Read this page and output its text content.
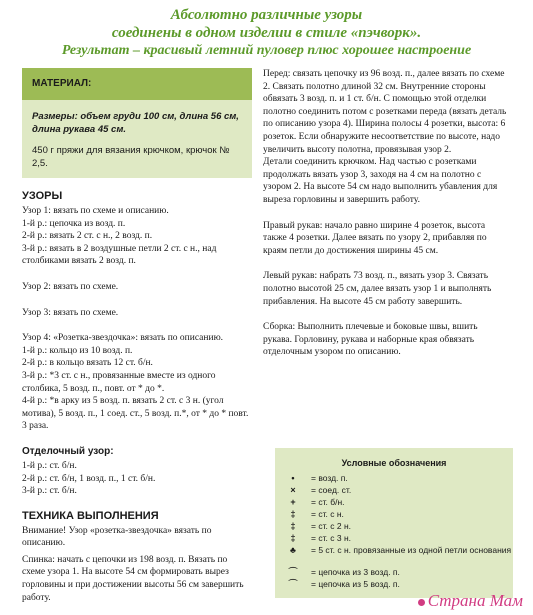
Абсолютно различные узоры
соединены в одном изделии в стиле «пэчворк».
Результат – красивый летний пуловер плюс хорошее настроение
МАТЕРИАЛ:

Размеры: объем груди 100 см, длина 56 см, длина рукава 45 см.

450 г пряжи для вязания крючком, крючок № 2,5.

УЗОРЫ

Узор 1: вязать по схеме и описанию.

1-й р.: цепочка из возд. п.

2-й р.: вязать 2 ст. с н., 2 возд. п.

3-й р.: вязать в 2 воздушные петли 2 ст. с н., над столбиками вязать 2 возд. п.

Узор 2: вязать по схеме.

Узор 3: вязать по схеме.

Узор 4: «Розетка-звездочка»: вязать по описанию.

1-й р.: кольцо из 10 возд. п.

2-й р.: в кольцо вязать 12 ст. б/н.

3-й р.: *3 ст. с н., провязанные вместе из одного столбика, 5 возд. п., повт. от * до *.

4-й р.: *в арку из 5 возд. п. вязать 2 ст. с 3 н. (угол мотива), 5 возд. п., 1 соед. ст., 5 возд. п.*, от * до * повт. 3 раза.

Отделочный узор:

1-й р.: ст. б/н.

2-й р.: ст. б/н, 1 возд. п., 1 ст. б/н.

3-й р.: ст. б/н.

ТЕХНИКА ВЫПОЛНЕНИЯ

Внимание! Узор «розетка-звездочка» вязать по описанию.

Спинка: начать с цепочки из 198 возд. п. Вязать по схеме узора 1. На высоте 54 см формировать вырез горловины и при достижении высоты 56 см завершить работу.

Перед: связать цепочку из 96 возд. п., далее вязать по схеме 2. Связать полотно длиной 32 см. Внутренние стороны обвязать 3 возд. п. и 1 ст. б/н. С помощью этой отделки полотно соединить потом с розетками переда (вязать деталь по описанию узора 4). Ширина полосы 4 розетки, высота: 6 розеток. Если обнаружите несоответствие по высоте, надо увеличить высоту полотна, провязывая узор 2.

Детали соединить крючком. Над частью с розетками продолжать вязать узор 3, заходя на 4 см на полотно с узором 2. На высоте 54 см надо выполнить убавления для выреза горловины и завершить работу.

Правый рукав: начало равно ширине 4 розеток, высота также 4 розетки. Далее вязать по узору 2, прибавляя по краям петли до достижения ширины 45 см.

Левый рукав: набрать 73 возд. п., вязать узор 3. Связать полотно высотой 25 см, далее вязать узор 1 и выполнять прибавления. На высоте 45 см работу завершить.

Сборка: Выполнить плечевые и боковые швы, вшить рукава. Горловину, рукава и наборные края обвязать отделочным узором по описанию.

Условные обозначения
•	= возд. п.
×	= соед. ст.
+	= ст. б/н.
‡	= ст. с н.
‡	= ст. с 2 н.
‡	= ст. с 3 н.
♣	= 5 ст. с н. провязанные из одной петли основания
⌒	= цепочка из 3 возд. п.
⌒	= цепочка из 5 возд. п.
Страна Мам
